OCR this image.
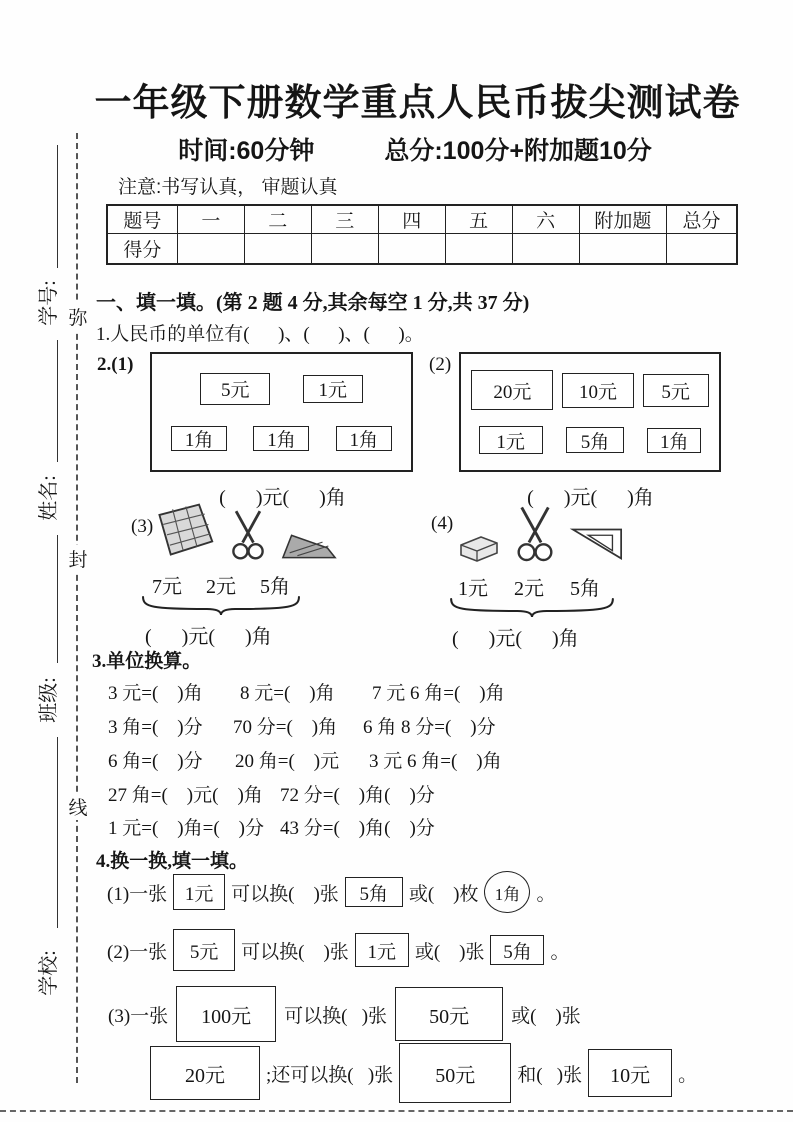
学号:
姓名:
班级:
学校:
弥
封
线
一年级下册数学重点人民币拔尖测试卷
时间:60分钟	总分:100分+附加题10分
注意:书写认真， 审题认真
题号	一	二	三	四	五	六	附加题	总分
得分								
一、填一填。(第 2 题 4 分,其余每空 1 分,共 37 分)
1.人民币的单位有(      )、(      )、(      )。
2.(1)
5元	1元
1角	1角	1角
(2)
20元	10元	5元
1元	5角	1角
(      )元(      )角	(      )元(      )角
(3)
7元 2元 5角
(      )元(      )角
(4)
1元 2元 5角
(      )元(      )角
3.单位换算。
3 元=(    )角 8 元=(    )角 7 元 6 角=(    )角
3 角=(    )分 70 分=(    )角 6 角 8 分=(    )分
6 角=(    )分 20 角=(    )元 3 元 6 角=(    )角
27 角=(    )元(    )角 72 分=(    )角(    )分
1 元=(    )角=(    )分 43 分=(    )角(    )分
4.换一换,填一填。
(1)一张 1元 可以换(    )张	5角	或(    )枚 1角 。
(2)一张	5元	可以换(    )张 1元 或(    )张 5角 。
(3)一张	100元	可以换(   )张	50元	或(    )张
20元	;还可以换(   )张	50元	和(   )张	10元	。
